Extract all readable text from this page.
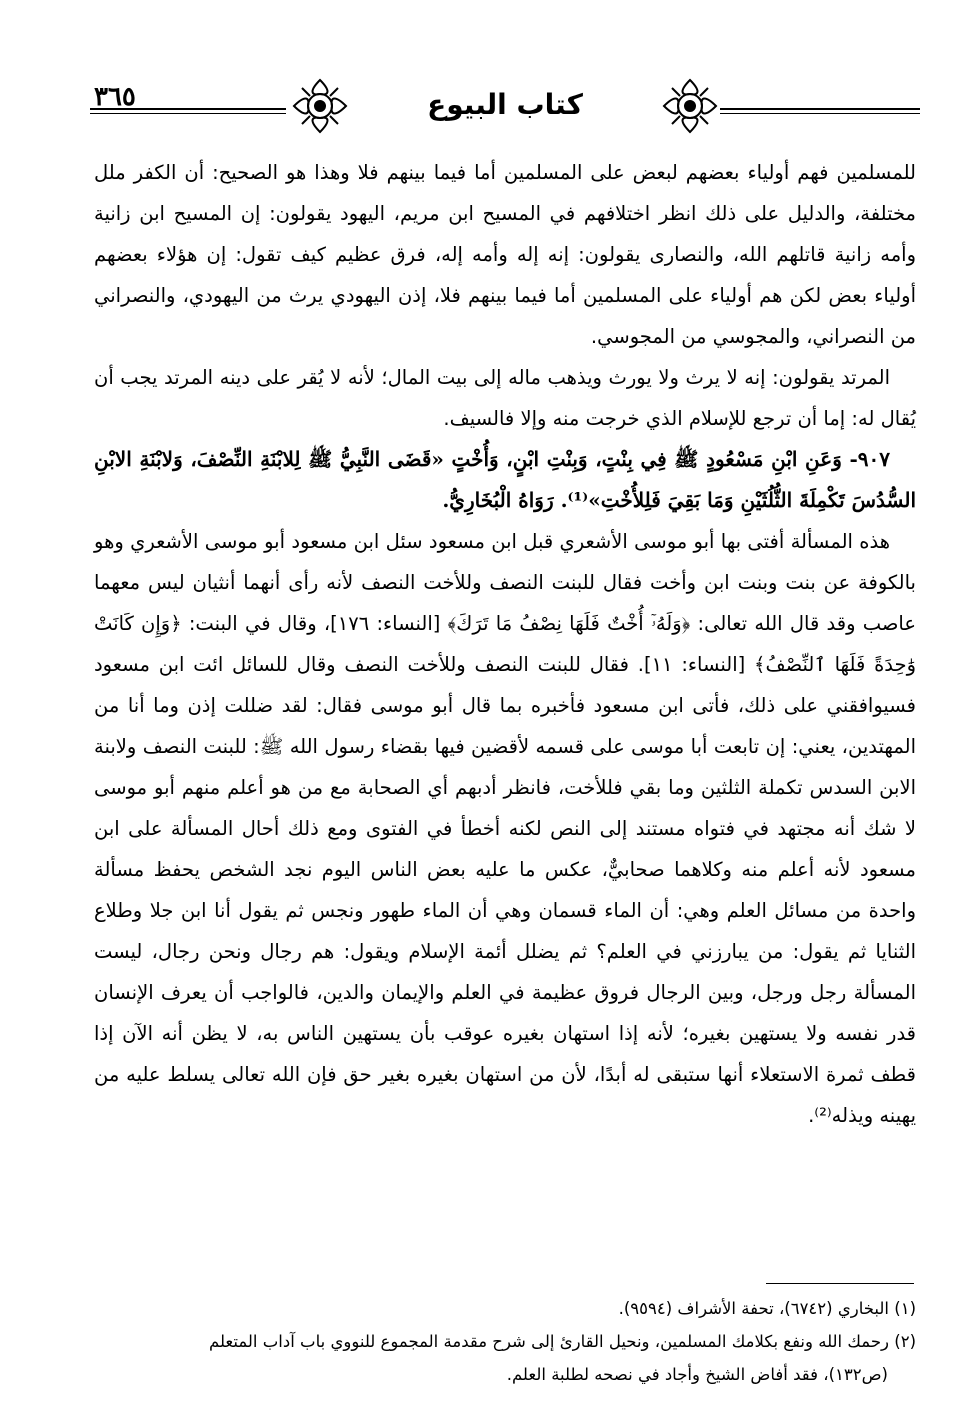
٣٦٥	كتاب البيوع

للمسلمين فهم أولياء بعضهم لبعض على المسلمين أما فيما بينهم فلا وهذا هو الصحيح: أن الكفر ملل مختلفة، والدليل على ذلك انظر اختلافهم في المسيح ابن مريم، اليهود يقولون: إن المسيح ابن زانية وأمه زانية قاتلهم الله، والنصارى يقولون: إنه إله وأمه إله، فرق عظيم كيف تقول: إن هؤلاء بعضهم أولياء بعض لكن هم أولياء على المسلمين أما فيما بينهم فلا، إذن اليهودي يرث من اليهودي، والنصراني من النصراني، والمجوسي من المجوسي.

المرتد يقولون: إنه لا يرث ولا يورث ويذهب ماله إلى بيت المال؛ لأنه لا يُقر على دينه المرتد يجب أن يُقال له: إما أن ترجع للإسلام الذي خرجت منه وإلا فالسيف.

٩٠٧- وَعَنِ ابْنِ مَسْعُودٍ ﷺ فِي بِنْتٍ، وَبِنْتِ ابْنٍ، وَأُخْتٍ «قَضَى النَّبِيُّ ﷺ لِلابْنَةِ النِّصْفَ، وَلابْنَةِ الابْنِ السُّدُسَ تَكْمِلَةَ الثُّلُثَيْنِ وَمَا بَقِيَ فَلِلأُخْتِ»⁽¹⁾. رَوَاهُ الْبُخَارِيُّ.

هذه المسألة أفتى بها أبو موسى الأشعري قبل ابن مسعود سئل ابن مسعود أبو موسى الأشعري وهو بالكوفة عن بنت وبنت ابن وأخت فقال للبنت النصف وللأخت النصف لأنه رأى أنهما أنثيان ليس معهما عاصب وقد قال الله تعالى: ﴿وَلَهُۥٓ أُخْتٌ فَلَهَا نِصْفُ مَا تَرَكَ﴾ [النساء: ١٧٦]، وقال في البنت: ﴿وَإِن كَانَتْ وَٰحِدَةً فَلَهَا ٱلنِّصْفُ﴾ [النساء: ١١]. فقال للبنت النصف وللأخت النصف وقال للسائل ائت ابن مسعود فسيوافقني على ذلك، فأتى ابن مسعود فأخبره بما قال أبو موسى فقال: لقد ضللت إذن وما أنا من المهتدين، يعني: إن تابعت أبا موسى على قسمه لأقضين فيها بقضاء رسول الله ﷺ: للبنت النصف ولابنة الابن السدس تكملة الثلثين وما بقي فللأخت، فانظر أدبهم أي الصحابة مع من هو أعلم منهم أبو موسى لا شك أنه مجتهد في فتواه مستند إلى النص لكنه أخطأ في الفتوى ومع ذلك أحال المسألة على ابن مسعود لأنه أعلم منه وكلاهما صحابيٌّ، عكس ما عليه بعض الناس اليوم نجد الشخص يحفظ مسألة واحدة من مسائل العلم وهي: أن الماء قسمان وهي أن الماء طهور ونجس ثم يقول أنا ابن جلا وطلاع الثنايا ثم يقول: من يبارزني في العلم؟ ثم يضلل أئمة الإسلام ويقول: هم رجال ونحن رجال، ليست المسألة رجل ورجل، وبين الرجال فروق عظيمة في العلم والإيمان والدين، فالواجب أن يعرف الإنسان قدر نفسه ولا يستهين بغيره؛ لأنه إذا استهان بغيره عوقب بأن يستهين الناس به، لا يظن أنه الآن إذا قطف ثمرة الاستعلاء أنها ستبقى له أبدًا، لأن من استهان بغيره بغير حق فإن الله تعالى يسلط عليه من يهينه ويذله⁽²⁾.

(١) البخاري (٦٧٤٢)، تحفة الأشراف (٩٥٩٤).

(٢) رحمك الله ونفع بكلامك المسلمين، ونحيل القارئ إلى شرح مقدمة المجموع للنووي باب آداب المتعلم

(ص١٣٢)، فقد أفاض الشيخ وأجاد في نصحه لطلبة العلم.
